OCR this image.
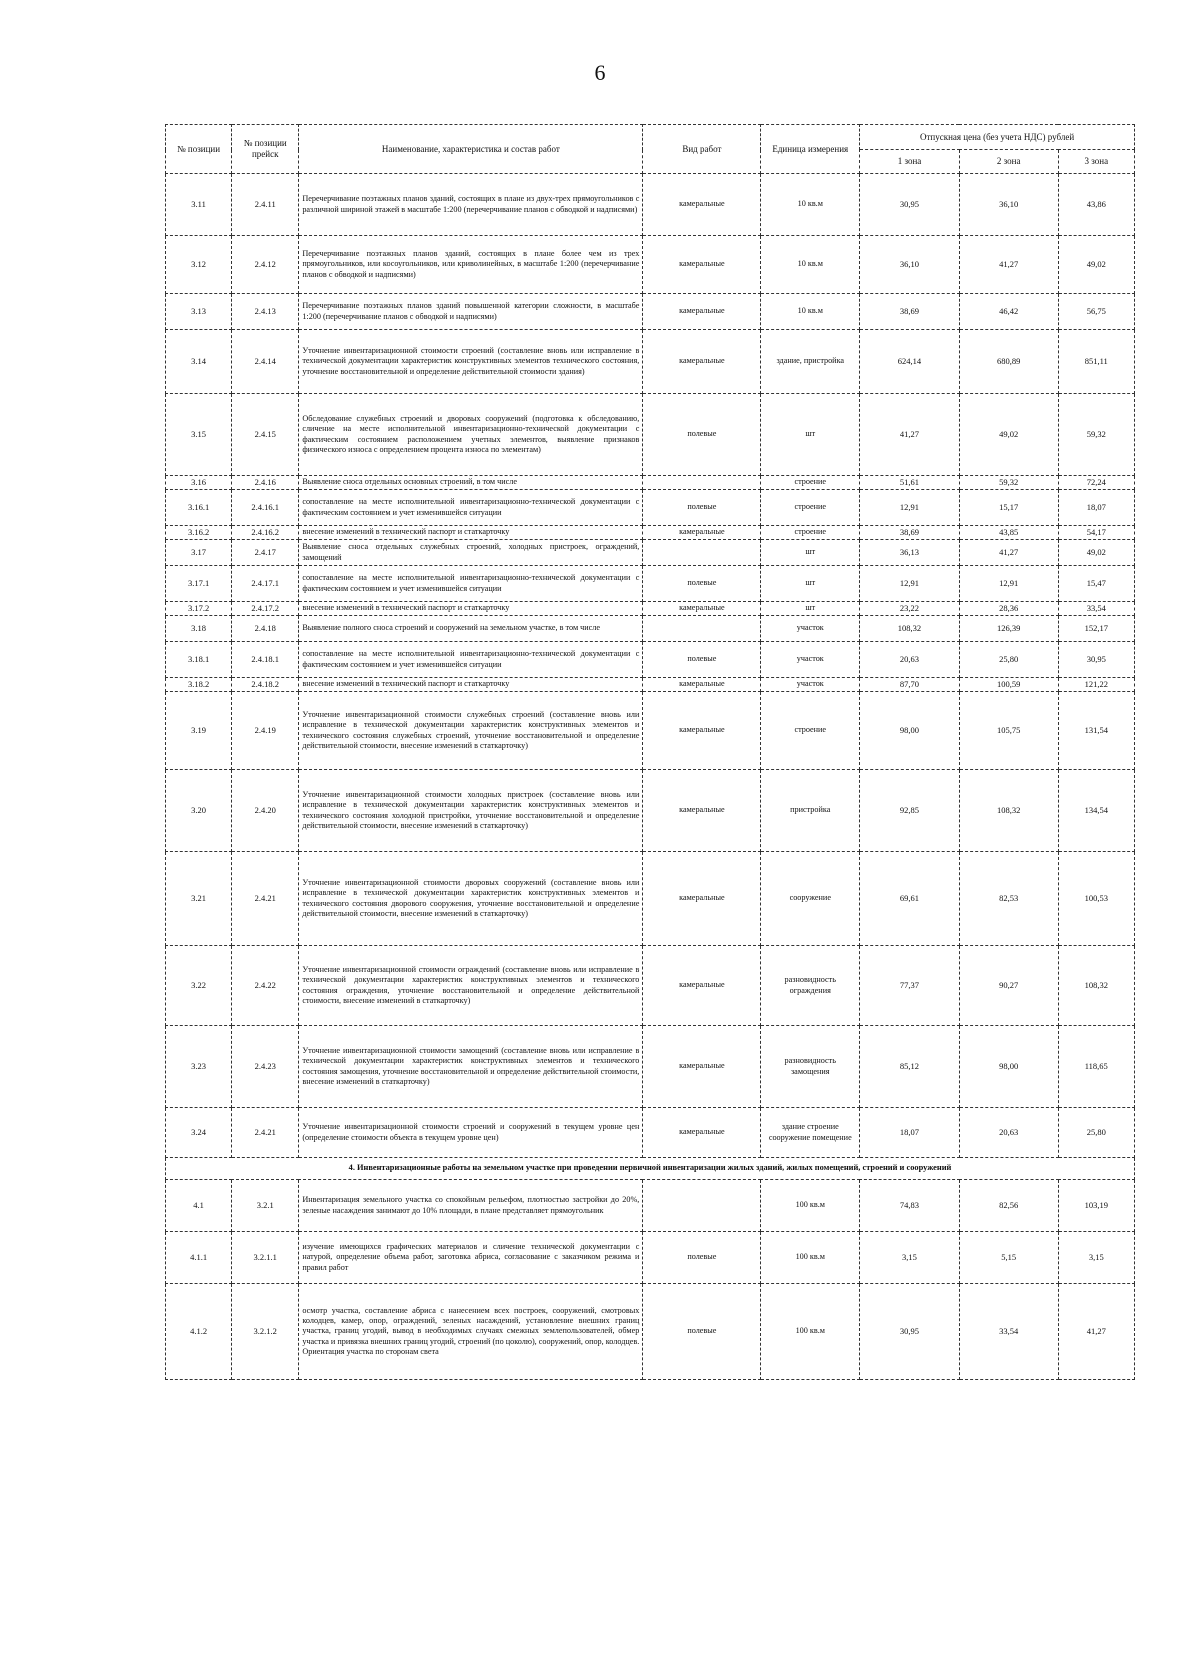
6
№ позиции	№ позиции прейск	Наименование, характеристика и состав работ	Вид работ	Единица измерения	Отпускная цена (без учета НДС) рублей		
					1 зона	2 зона	3 зона
3.11	2.4.11	Перечерчивание поэтажных планов зданий, состоящих в плане из двух-трех прямоугольников с различной шириной этажей в масштабе 1:200 (перечерчивание планов с обводкой и надписями)	камеральные	10 кв.м	30,95	36,10	43,86
3.12	2.4.12	Перечерчивание поэтажных планов зданий, состоящих в плане более чем из трех прямоугольников, или косоугольников, или криволинейных, в масштабе 1:200 (перечерчивание планов с обводкой и надписями)	камеральные	10 кв.м	36,10	41,27	49,02
3.13	2.4.13	Перечерчивание поэтажных планов зданий повышенной категории сложности, в масштабе 1:200 (перечерчивание планов с обводкой и надписями)	камеральные	10 кв.м	38,69	46,42	56,75
3.14	2.4.14	Уточнение инвентаризационной стоимости строений (составление вновь или исправление в технической документации характеристик конструктивных элементов технического состояния, уточнение восстановительной и определение действительной стоимости здания)	камеральные	здание, пристройка	624,14	680,89	851,11
3.15	2.4.15	Обследование служебных строений и дворовых сооружений (подготовка к обследованию, сличение на месте исполнительной инвентаризационно-технической документации с фактическим состоянием расположением учетных элементов, выявление признаков физического износа с определением процента износа по элементам)	полевые	шт	41,27	49,02	59,32
3.16	2.4.16	Выявление сноса отдельных основных строений, в том числе		строение	51,61	59,32	72,24
3.16.1	2.4.16.1	сопоставление на месте исполнительной инвентаризационно-технической документации с фактическим состоянием и учет изменившейся ситуации	полевые	строение	12,91	15,17	18,07
3.16.2	2.4.16.2	внесение изменений в технический паспорт и статкарточку	камеральные	строение	38,69	43,85	54,17
3.17	2.4.17	Выявление сноса отдельных служебных строений, холодных пристроек, ограждений, замощений		шт	36,13	41,27	49,02
3.17.1	2.4.17.1	сопоставление на месте исполнительной инвентаризационно-технической документации с фактическим состоянием и учет изменившейся ситуации	полевые	шт	12,91	12,91	15,47
3.17.2	2.4.17.2	внесение изменений в технический паспорт и статкарточку	камеральные	шт	23,22	28,36	33,54
3.18	2.4.18	Выявление полного сноса строений и сооружений на земельном участке, в том числе		участок	108,32	126,39	152,17
3.18.1	2.4.18.1	сопоставление на месте исполнительной инвентаризационно-технической документации с фактическим состоянием и учет изменившейся ситуации	полевые	участок	20,63	25,80	30,95
3.18.2	2.4.18.2	внесение изменений в технический паспорт и статкарточку	камеральные	участок	87,70	100,59	121,22
3.19	2.4.19	Уточнение инвентаризационной стоимости служебных строений (составление вновь или исправление в технической документации характеристик конструктивных элементов и технического состояния служебных строений, уточнение восстановительной и определение действительной стоимости, внесение изменений в статкарточку)	камеральные	строение	98,00	105,75	131,54
3.20	2.4.20	Уточнение инвентаризационной стоимости холодных пристроек (составление вновь или исправление в технической документации характеристик конструктивных элементов и технического состояния холодной пристройки, уточнение восстановительной и определение действительной стоимости, внесение изменений в статкарточку)	камеральные	пристройка	92,85	108,32	134,54
3.21	2.4.21	Уточнение инвентаризационной стоимости дворовых сооружений (составление вновь или исправление в технической документации характеристик конструктивных элементов и технического состояния дворового сооружения, уточнение восстановительной и определение действительной стоимости, внесение изменений в статкарточку)	камеральные	сооружение	69,61	82,53	100,53
3.22	2.4.22	Уточнение инвентаризационной стоимости ограждений (составление вновь или исправление в технической документации характеристик конструктивных элементов и технического состояния ограждения, уточнение восстановительной и определение действительной стоимости, внесение изменений в статкарточку)	камеральные	разновидность ограждения	77,37	90,27	108,32
3.23	2.4.23	Уточнение инвентаризационной стоимости замощений (составление вновь или исправление в технической документации характеристик конструктивных элементов и технического состояния замощения, уточнение восстановительной и определение действительной стоимости, внесение изменений в статкарточку)	камеральные	разновидность замощения	85,12	98,00	118,65
3.24	2.4.21	Уточнение инвентаризационной стоимости строений и сооружений в текущем уровне цен (определение стоимости объекта в текущем уровне цен)	камеральные	здание строение сооружение помещение	18,07	20,63	25,80
4. Инвентаризационные работы на земельном участке при проведении первичной инвентаризации жилых зданий, жилых помещений, строений и сооружений							
4.1	3.2.1	Инвентаризация земельного участка со спокойным рельефом, плотностью застройки до 20%, зеленые насаждения занимают до 10% площади, в плане представляет прямоугольник		100 кв.м	74,83	82,56	103,19
4.1.1	3.2.1.1	изучение имеющихся графических материалов и сличение технической документации с натурой, определение объема работ, заготовка абриса, согласование с заказчиком режима и правил работ	полевые	100 кв.м	3,15	5,15	3,15
4.1.2	3.2.1.2	осмотр участка, составление абриса с нанесением всех построек, сооружений, смотровых колодцев, камер, опор, ограждений, зеленых насаждений, установление внешних границ участка, границ угодий, вывод в необходимых случаях смежных землепользователей, обмер участка и привязка внешних границ угодий, строений (по цоколю), сооружений, опор, колодцев. Ориентация участка по сторонам света	полевые	100 кв.м	30,95	33,54	41,27
